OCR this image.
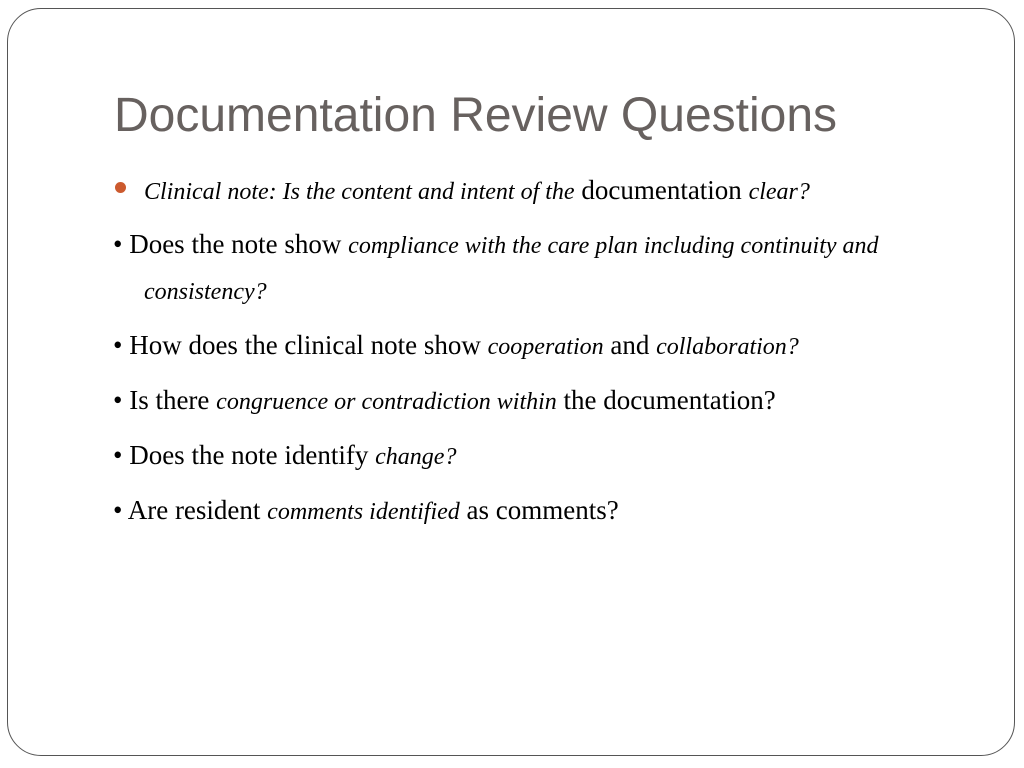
Documentation Review Questions
Clinical note: Is the content and intent of the documentation clear?
• Does the note show compliance with the care plan including continuity and consistency?
• How does the clinical note show cooperation and collaboration?
• Is there congruence or contradiction within the documentation?
• Does the note identify change?
• Are resident comments identified as comments?
